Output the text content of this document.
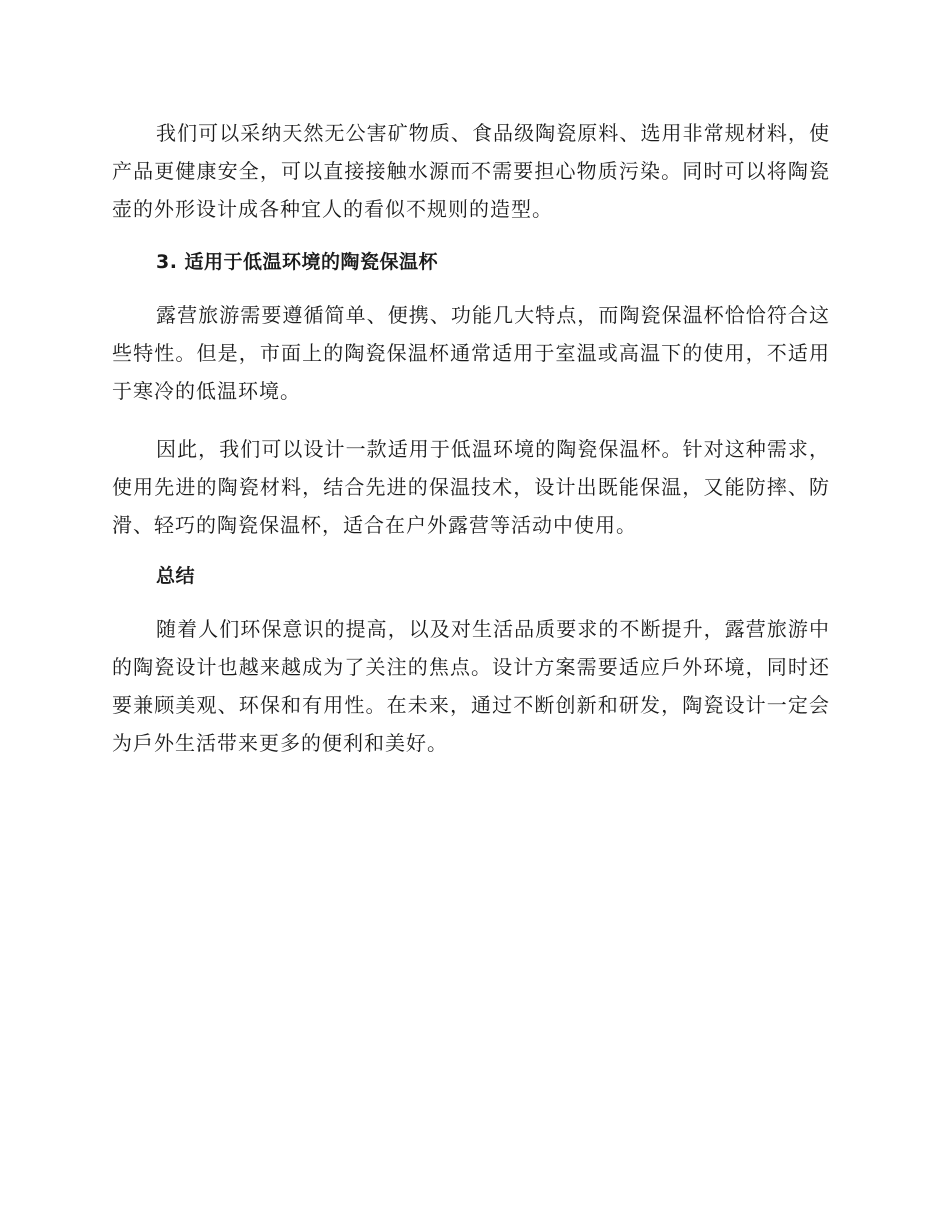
我们可以采纳天然无公害矿物质、食品级陶瓷原料、选用非常规材料，使产品更健康安全，可以直接接触水源而不需要担心物质污染。同时可以将陶瓷壶的外形设计成各种宜人的看似不规则的造型。

3. 适用于低温环境的陶瓷保温杯

露营旅游需要遵循简单、便携、功能几大特点，而陶瓷保温杯恰恰符合这些特性。但是，市面上的陶瓷保温杯通常适用于室温或高温下的使用，不适用于寒冷的低温环境。

因此，我们可以设计一款适用于低温环境的陶瓷保温杯。针对这种需求，使用先进的陶瓷材料，结合先进的保温技术，设计出既能保温，又能防摔、防滑、轻巧的陶瓷保温杯，适合在户外露营等活动中使用。

总结

随着人们环保意识的提高，以及对生活品质要求的不断提升，露营旅游中的陶瓷设计也越来越成为了关注的焦点。设计方案需要适应戶外环境，同时还要兼顾美观、环保和有用性。在未来，通过不断创新和研发，陶瓷设计一定会为戶外生活带来更多的便利和美好。
